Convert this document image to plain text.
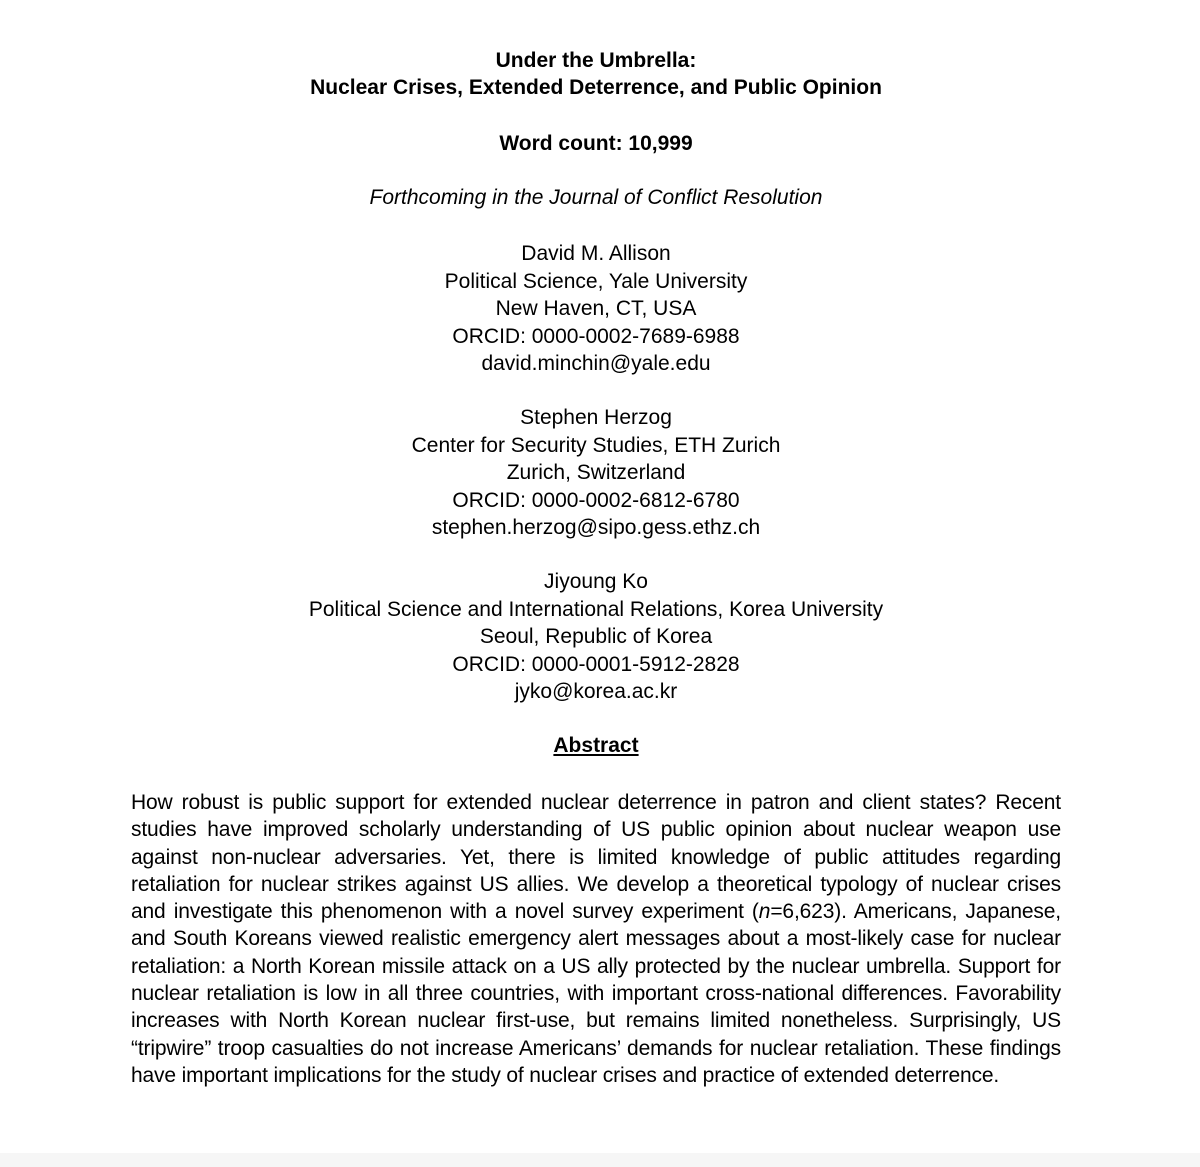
Under the Umbrella:
Nuclear Crises, Extended Deterrence, and Public Opinion
Word count: 10,999
Forthcoming in the Journal of Conflict Resolution
David M. Allison
Political Science, Yale University
New Haven, CT, USA
ORCID: 0000-0002-7689-6988
david.minchin@yale.edu
Stephen Herzog
Center for Security Studies, ETH Zurich
Zurich, Switzerland
ORCID: 0000-0002-6812-6780
stephen.herzog@sipo.gess.ethz.ch
Jiyoung Ko
Political Science and International Relations, Korea University
Seoul, Republic of Korea
ORCID: 0000-0001-5912-2828
jyko@korea.ac.kr
Abstract
How robust is public support for extended nuclear deterrence in patron and client states? Recent studies have improved scholarly understanding of US public opinion about nuclear weapon use against non-nuclear adversaries. Yet, there is limited knowledge of public attitudes regarding retaliation for nuclear strikes against US allies. We develop a theoretical typology of nuclear crises and investigate this phenomenon with a novel survey experiment (n=6,623). Americans, Japanese, and South Koreans viewed realistic emergency alert messages about a most-likely case for nuclear retaliation: a North Korean missile attack on a US ally protected by the nuclear umbrella. Support for nuclear retaliation is low in all three countries, with important cross-national differences. Favorability increases with North Korean nuclear first-use, but remains limited nonetheless. Surprisingly, US “tripwire” troop casualties do not increase Americans’ demands for nuclear retaliation. These findings have important implications for the study of nuclear crises and practice of extended deterrence.
